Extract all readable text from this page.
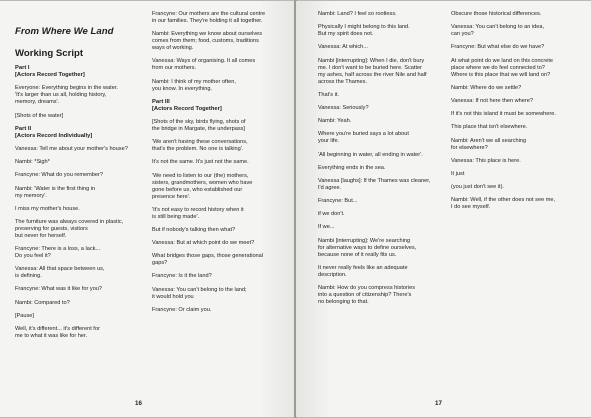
From Where We Land

Working Script

Part I
[Actors Record Together]

Everyone: Everything begins in the water.
'It's larger than us all, holding history,
memory, dreams'.

[Shots of the water]

Part II
[Actors Record Individually]

Vanessa: Tell me about your mother's house?

Nambi: *Sigh*

Francyne: What do you remember?

Nambi: 'Water is the first thing in
my memory'.

I miss my mother's house.

The furniture was always covered in plastic,
preserving for guests, visitors
but never for herself.

Francyne: There is a loss, a lack...
Do you feel it?

Vanessa: All that space between us,
is defining.

Francyne: What was it like for you?

Nambi: Compared to?

[Pause]

Well, it's different... it's different for
me to what it was like for her.

Francyne: Our mothers are the cultural centre
in our families. They're holding it all together.

Nambi: Everything we know about ourselves
comes from them; food, customs, traditions
ways of working.

Vanessa: Ways of organising. It all comes
from our mothers.

Nambi: I think of my mother often,
you know. In everything.

Part III
[Actors Record Together]

[Shots of the sky, birds flying, shots of
the bridge in Margate, the underpass]

'We aren't having these conversations,
that's the problem. No one is talking'.

It's not the same. It's just not the same.

'We need to listen to our (the) mothers,
sisters, grandmothers, women who have
gone before us, who established our
presence here'.

'It's not easy to record history when it
is still being made'.

But if nobody's talking then what?

Vanessa: But at which point do we meet?

What bridges those gaps, those generational
gaps?

Francyne: Is it the land?

Vanessa: You can't belong to the land;
it would hold you

Francyne: Or claim you.

16

Nambi: Land? I feel so rootless.

Physically I might belong to this land.
But my spirit does not.

Vanessa: At which...

Nambi [interrupting]: When I die, don't bury
me. I don't want to be buried here. Scatter
my ashes, half across the river Nile and half
across the Thames.

That's it.

Vanessa: Seriously?

Nambi: Yeah.

Where you're buried says a lot about
your life.

'All beginning in water, all ending in water'.

Everything ends in the sea.

Vanessa [laughs]: If the Thames was cleaner,
I'd agree.

Francyne: But...

if we don't.

If we...

Nambi [interrupting]: We're searching
for alternative ways to define ourselves,
because none of it really fits us.

It never really feels like an adequate
description.

Nambi: How do you compress histories
into a question of citizenship? There's
no belonging to that.

Obscure those historical differences.

Vanessa: You can't belong to an idea,
can you?

Francyne: But what else do we have?

At what point do we land on this concrete
place where we do feel connected to?
Where is this place that we will land on?

Nambi: Where do we settle?

Vanessa: If not here then where?

If it's not this island it must be somewhere.

This place that isn't elsewhere.

Nambi: Aren't we all searching
for elsewhere?

Vanessa: This place is here.

It just

(you just don't see it).

Nambi: Well, if the other does not see me,
I do see myself.

17
